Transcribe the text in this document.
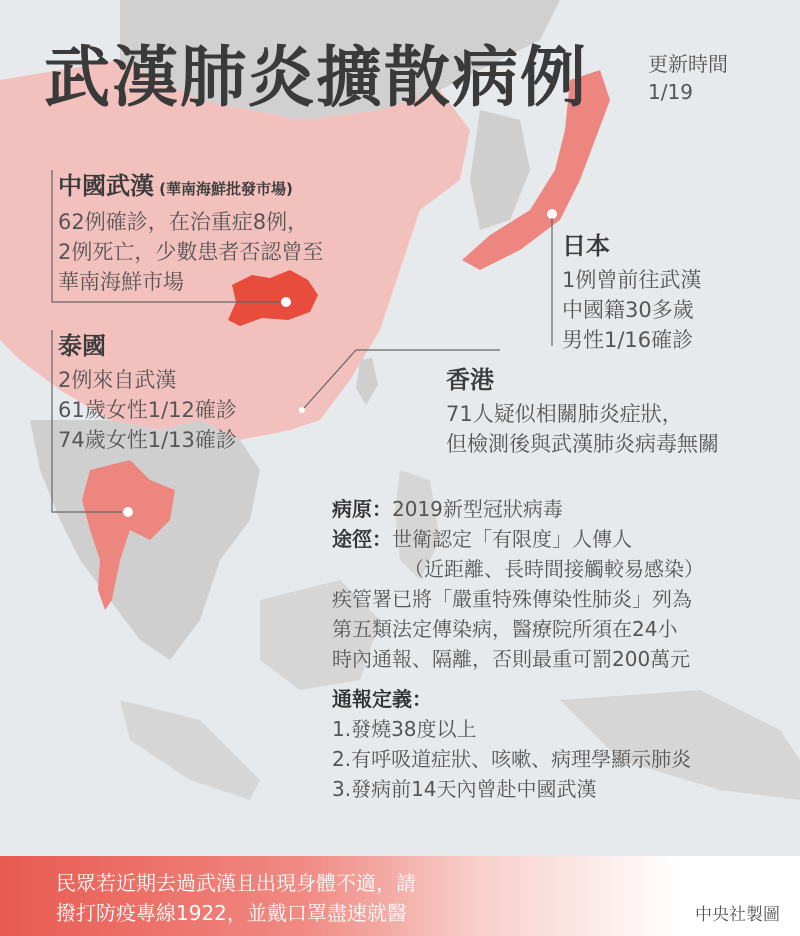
武漢肺炎擴散病例	更新時間
1/19
中國武漢 (華南海鮮批發市場)
62例確診，在治重症8例，
2例死亡，少數患者否認曾至
華南海鮮市場
泰國
2例來自武漢
61歲女性1/12確診
74歲女性1/13確診
日本
1例曾前往武漢
中國籍30多歲
男性1/16確診
香港
71人疑似相關肺炎症狀，
但檢測後與武漢肺炎病毒無關
病原：2019新型冠狀病毒
途徑：世衛認定「有限度」人傳人
（近距離、長時間接觸較易感染）
疾管署已將「嚴重特殊傳染性肺炎」列為
第五類法定傳染病，醫療院所須在24小
時內通報、隔離，否則最重可罰200萬元
通報定義：
1.發燒38度以上
2.有呼吸道症狀、咳嗽、病理學顯示肺炎
3.發病前14天內曾赴中國武漢
民眾若近期去過武漢且出現身體不適，請
撥打防疫專線1922，並戴口罩盡速就醫	中央社製圖
